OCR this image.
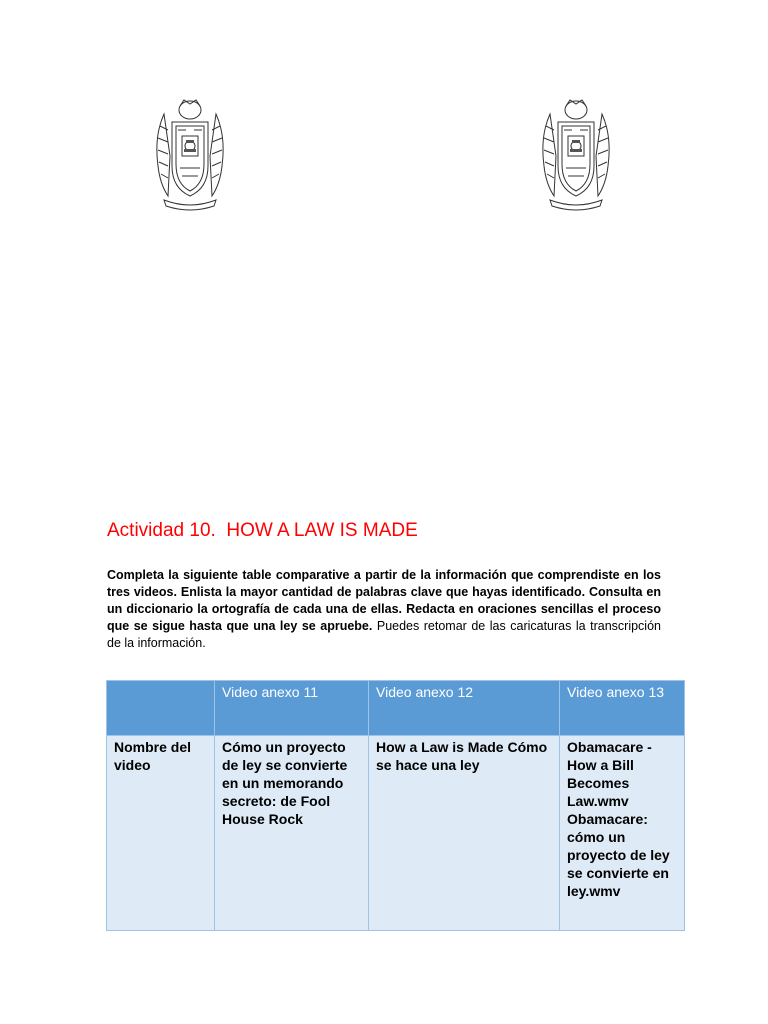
Actividad 10.  HOW A LAW IS MADE

Completa la siguiente table comparative a partir de la información que comprendiste en los tres videos. Enlista la mayor cantidad de palabras clave que hayas identificado. Consulta en un diccionario la ortografía de cada una de ellas. Redacta en oraciones sencillas el proceso que se sigue hasta que una ley se apruebe. Puedes retomar de las caricaturas la transcripción de la información.

	Video anexo 11	Video anexo 12	Video anexo 13
Nombre del video	Cómo un proyecto de ley se convierte en un memorando secreto: de Fool House Rock	How a Law is Made Cómo se hace una ley	Obamacare - How a Bill Becomes Law.wmv Obamacare: cómo un proyecto de ley se convierte en ley.wmv
